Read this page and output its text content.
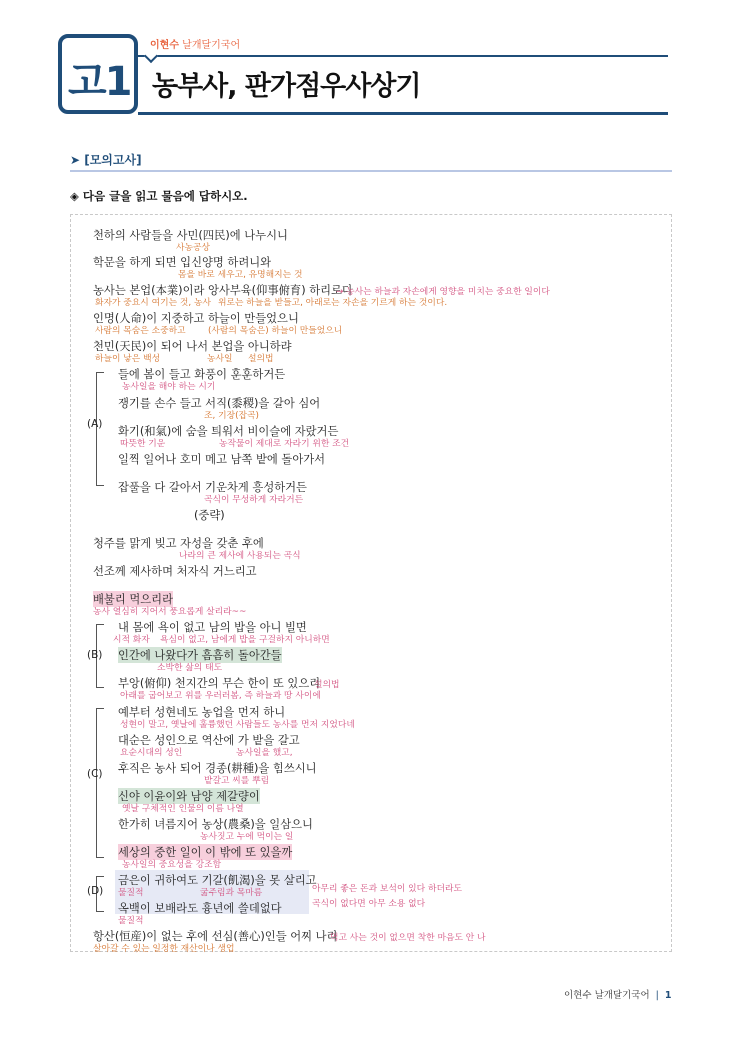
고1
이현수 날개달기국어
농부사, 판가점우사상기
➤ [모의고사]
◈ 다음 글을 읽고 물음에 답하시오.
천하의 사람들을 사민(四民)에 나누시니
사농공상
학문을 하게 되면 입신양명 하려니와
몸을 바로 세우고, 유명해지는 것
농사는 본업(本業)이라 앙사부육(仰事俯育) 하리로다
→ 농사는 하늘과 자손에게 영향을 미치는 중요한 일이다
화자가 중요시 여기는 것, 농사 위로는 하늘을 받들고, 아래로는 자손을 기르게 하는 것이다.
인명(人命)이 지중하고 하늘이 만들었으니
사람의 목숨은 소중하고	(사람의 목숨은) 하늘이 만들었으니
천민(天民)이 되어 나서 본업을 아니하랴
하늘이 낳은 백성	농사일 설의법
(A)
들에 봄이 들고 화풍이 훈훈하거든
농사일을 해야 하는 시기
쟁기를 손수 들고 서직(黍稷)을 갈아 심어
조, 기장(잡곡)
화기(和氣)에 숨을 틔워서 비이슬에 자랐거든
따뜻한 기운	농작물이 제대로 자라기 위한 조건
일찍 일어나 호미 메고 남쪽 밭에 돌아가서
잡풀을 다 갈아서 기운차게 흥성하거든
곡식이 무성하게 자라거든
(중략)
청주를 맑게 빚고 자성을 갖춘 후에
나라의 큰 제사에 사용되는 곡식
선조께 제사하며 처자식 거느리고
배불리 먹으리라
농사 열심히 지어서 풍요롭게 살리라~~
(B)
내 몸에 욕이 없고 남의 밥을 아니 빌면
시적 화자 욕심이 없고, 남에게 밥을 구걸하지 아니하면
인간에 나왔다가 흠흠히 돌아간들
소박한 삶의 태도
부앙(俯仰) 천지간의 무슨 한이 또 있으리
설의법
아래를 굽어보고 위를 우러러봄, 즉 하늘과 땅 사이에
(C)
예부터 성현네도 농업을 먼저 하니
성현이 말고, 옛날에 훌륭했던 사람들도 농사를 먼저 지었다네
대순은 성인으로 역산에 가 밭을 갈고
요순시대의 성인	농사일을 했고,
후직은 농사 되어 경종(耕種)을 힘쓰시니
밭갈고 씨를 뿌림
신야 이윤이와 남양 제갈량이
옛날 구체적인 인물의 이름 나열
한가히 녀름지어 농상(農桑)을 일삼으니
농사짓고 누에 먹이는 일
세상의 중한 일이 이 밖에 또 있을까
농사일의 중요성을 강조함
(D)
금은이 귀하여도 기갈(飢渴)을 못 살리고
물질적	굶주림과 목마름	아무리 좋은 돈과 보석이 있다 하더라도
옥백이 보배라도 흉년에 쓸데없다
물질적
곡식이 없다면 아무 소용 없다
항산(恒産)이 없는 후에 선심(善心)인들 어찌 나리
먹고 사는 것이 없으면 착한 마음도 안 나
살아갈 수 있는 일정한 재산이나 생업
이현수 날개달기국어 | 1
